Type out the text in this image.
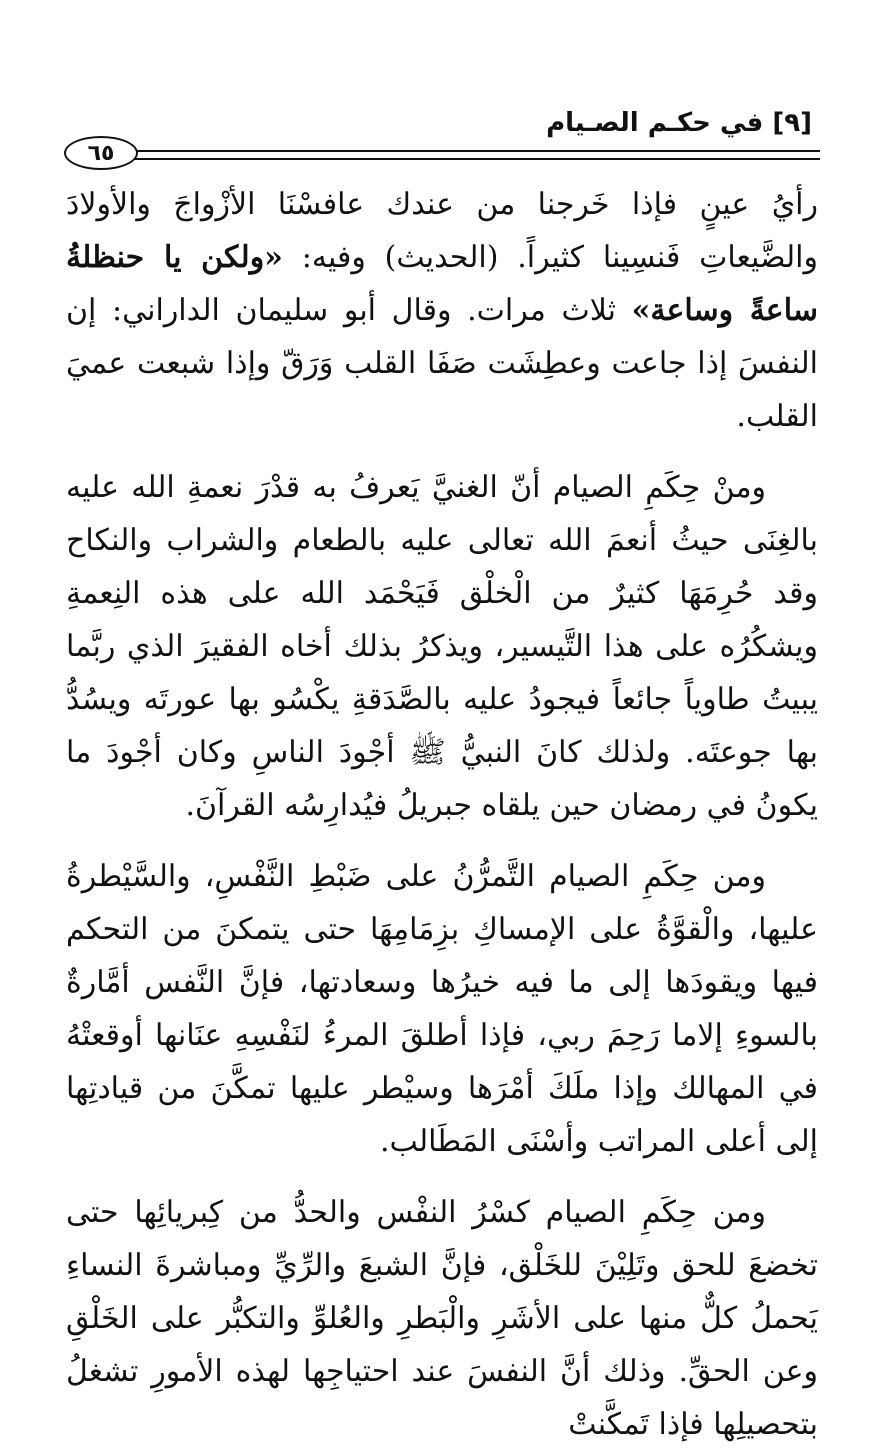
[٩] في حكـم الصـيام
٦٥

رأيُ عينٍ فإذا خَرجنا من عندك عافسْنَا الأزْواجَ والأولادَ والضَّيعاتِ فَنسِينا كثيراً. (الحديث) وفيه: «ولكن يا حنظلةُ ساعةً وساعة» ثلاث مرات. وقال أبو سليمان الداراني: إن النفسَ إذا جاعت وعطِشَت صَفَا القلب وَرَقّ وإذا شبعت عميَ القلب.

ومنْ حِكَمِ الصيام أنّ الغنيَّ يَعرفُ به قدْرَ نعمةِ الله عليه بالغِنَى حيثُ أنعمَ الله تعالى عليه بالطعام والشراب والنكاح وقد حُرِمَهَا كثيرٌ من الْخلْق فَيَحْمَد الله على هذه النِعمةِ ويشكُرُه على هذا التَّيسير، ويذكرُ بذلك أخاه الفقيرَ الذي ربَّما يبيتُ طاوياً جائعاً فيجودُ عليه بالصَّدَقةِ يكْسُو بها عورتَه ويسُدُّ بها جوعتَه. ولذلك كانَ النبيُّ ﷺ أجْودَ الناسِ وكان أجْودَ ما يكونُ في رمضان حين يلقاه جبريلُ فيُدارِسُه القرآنَ.

ومن حِكَمِ الصيام التَّمرُّنُ على ضَبْطِ النَّفْسِ، والسَّيْطرةُ عليها، والْقوَّةُ على الإمساكِ بزِمَامِهَا حتى يتمكنَ من التحكم فيها ويقودَها إلى ما فيه خيرُها وسعادتها، فإنَّ النَّفس أمَّارةٌ بالسوءِ إلاما رَحِمَ ربي، فإذا أطلقَ المرءُ لنَفْسِهِ عنَانها أوقعتْهُ في المهالك وإذا ملَكَ أمْرَها وسيْطر عليها تمكَّنَ من قيادتِها إلى أعلى المراتب وأسْنَى المَطَالب.

ومن حِكَمِ الصيام كسْرُ النفْس والحدُّ من كِبريائِها حتى تخضعَ للحق وتَلِيْنَ للخَلْق، فإنَّ الشبعَ والرِّيِّ ومباشرةَ النساءِ يَحملُ كلٌّ منها على الأشَرِ والْبَطرِ والعُلوِّ والتكبُّر على الخَلْقِ وعن الحقِّ. وذلك أنَّ النفسَ عند احتياجِها لهذه الأمورِ تشغلُ بتحصيلِها فإذا تَمكَّنتْ
